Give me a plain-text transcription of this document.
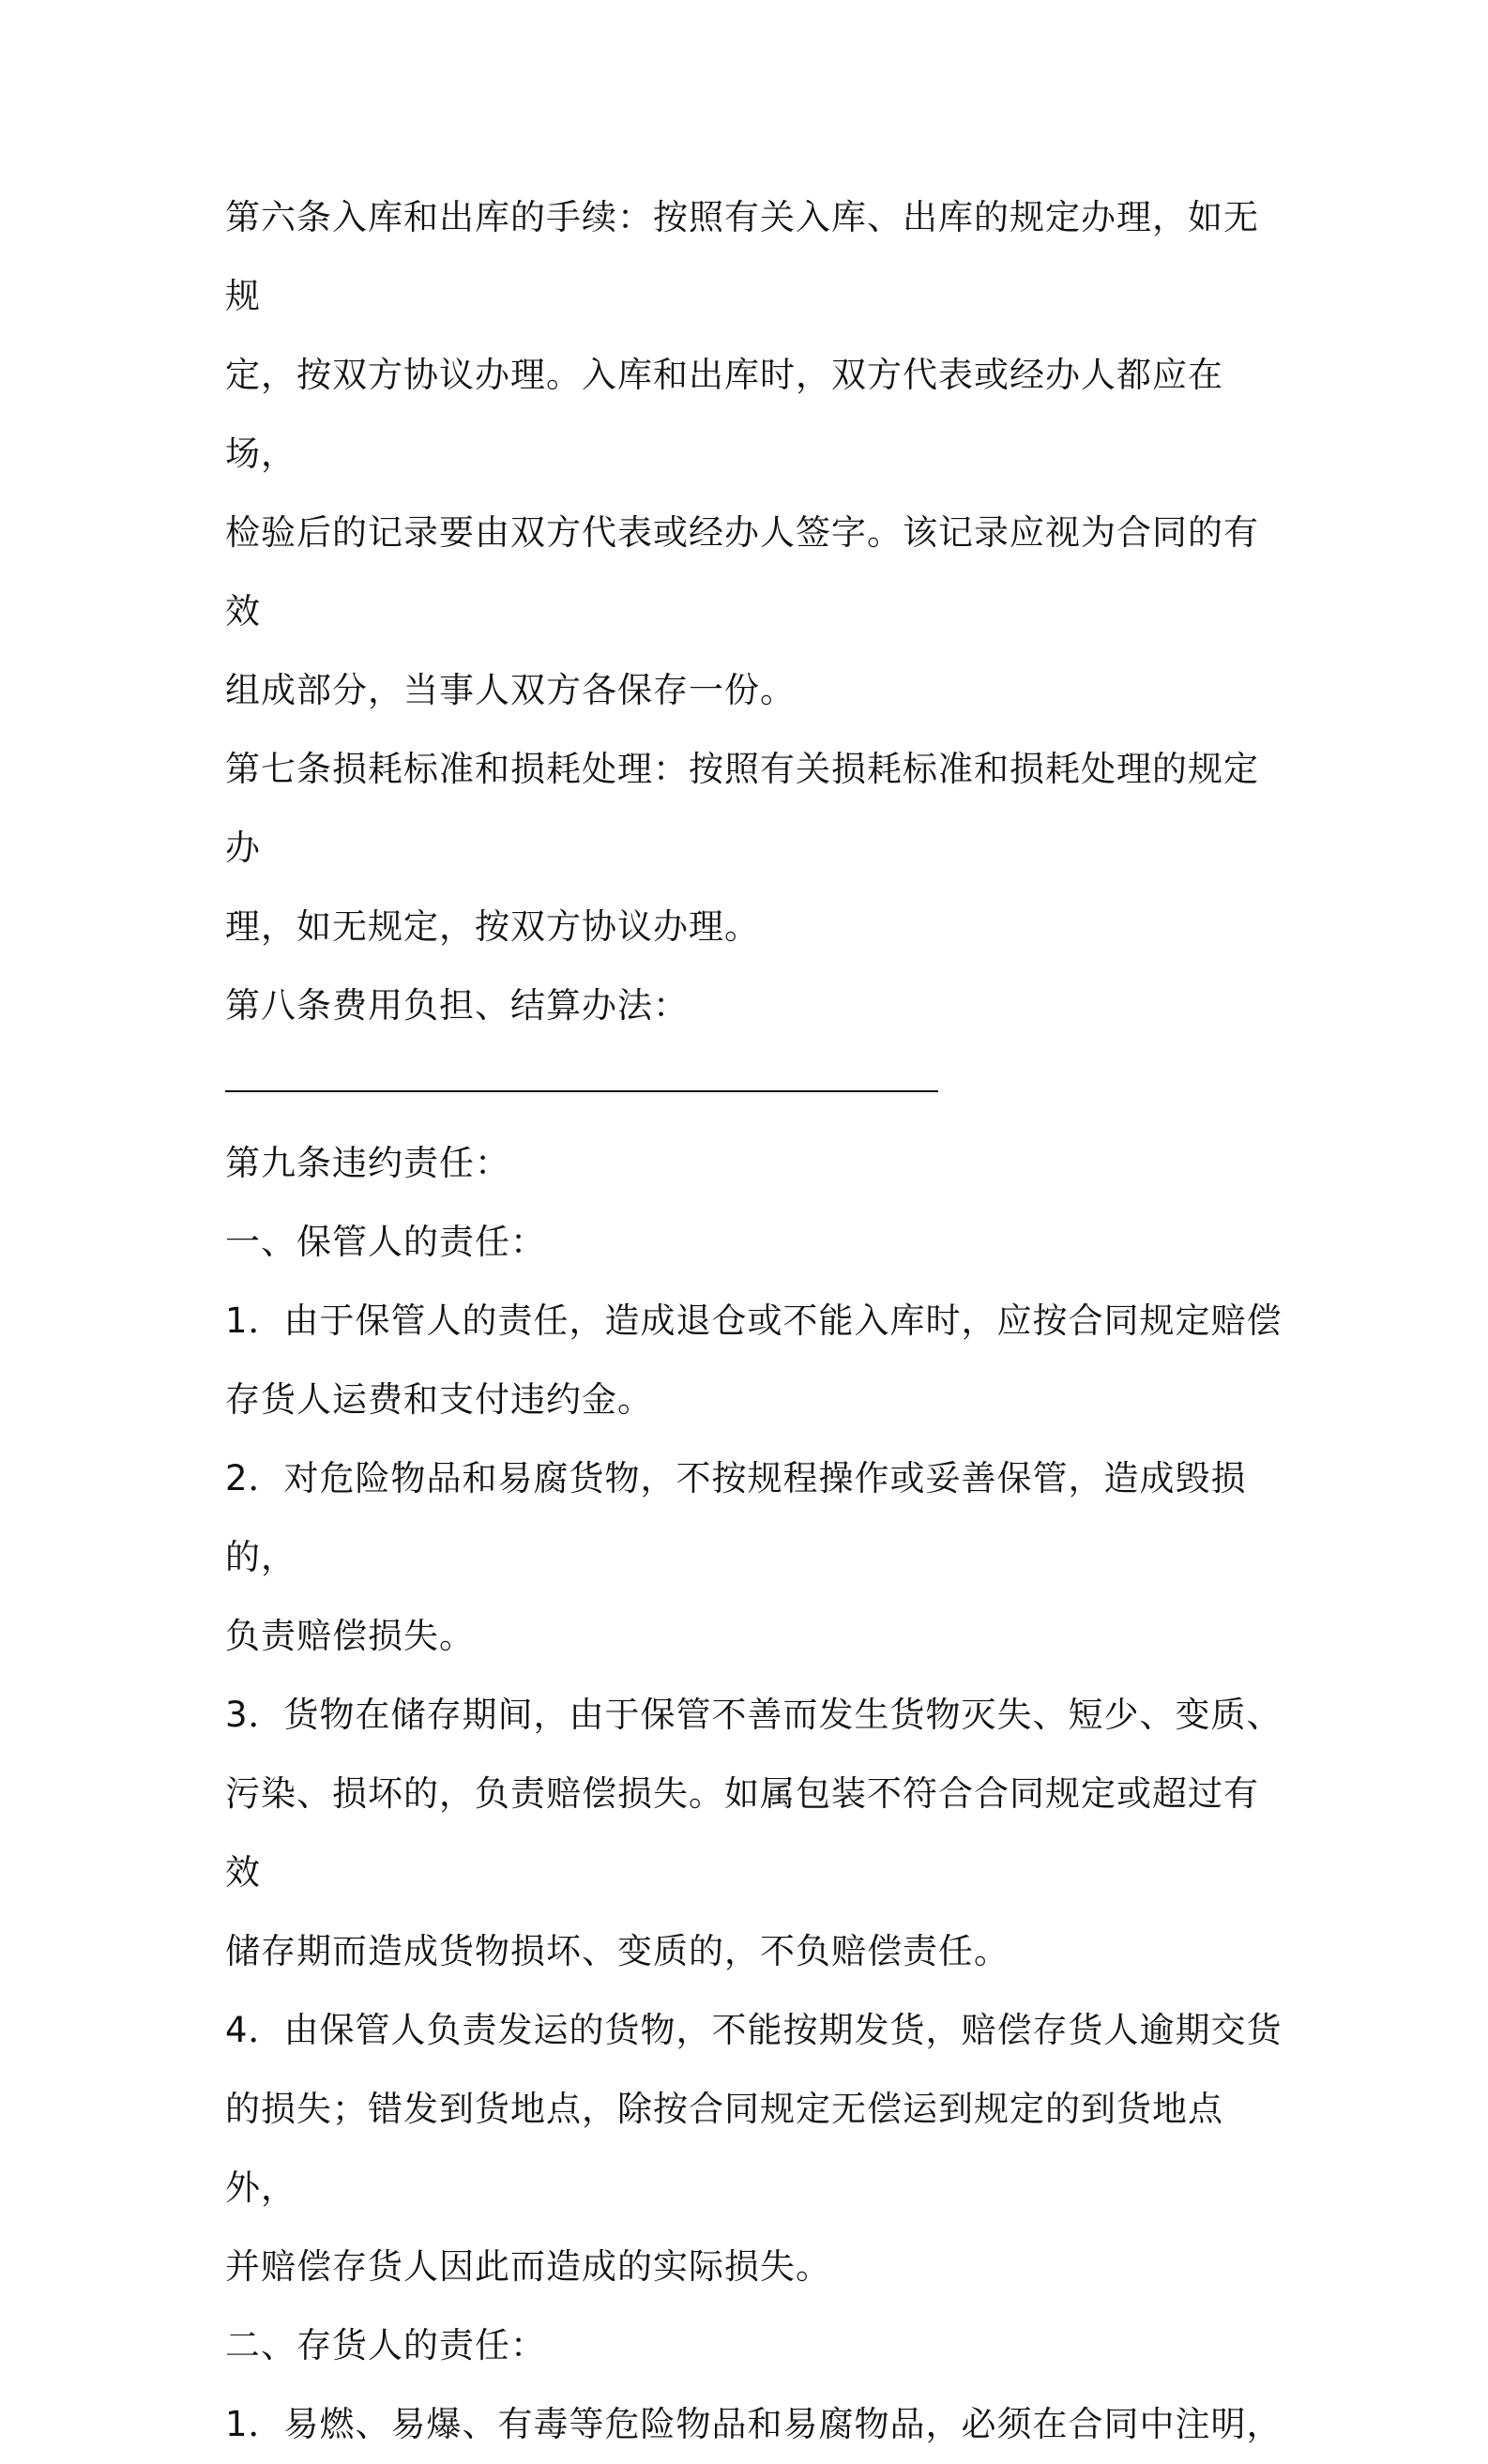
第六条入库和出库的手续：按照有关入库、出库的规定办理，如无规

定，按双方协议办理。入库和出库时，双方代表或经办人都应在场，

检验后的记录要由双方代表或经办人签字。该记录应视为合同的有效

组成部分，当事人双方各保存一份。

第七条损耗标准和损耗处理：按照有关损耗标准和损耗处理的规定办

理，如无规定，按双方协议办理。

第八条费用负担、结算办法：

第九条违约责任：

一、保管人的责任：

1．由于保管人的责任，造成退仓或不能入库时，应按合同规定赔偿

存货人运费和支付违约金。

2．对危险物品和易腐货物，不按规程操作或妥善保管，造成毁损的，

负责赔偿损失。

3．货物在储存期间，由于保管不善而发生货物灭失、短少、变质、

污染、损坏的，负责赔偿损失。如属包装不符合合同规定或超过有效

储存期而造成货物损坏、变质的，不负赔偿责任。

4．由保管人负责发运的货物，不能按期发货，赔偿存货人逾期交货

的损失；错发到货地点，除按合同规定无偿运到规定的到货地点外，

并赔偿存货人因此而造成的实际损失。

二、存货人的责任：

1．易燃、易爆、有毒等危险物品和易腐物品，必须在合同中注明，
